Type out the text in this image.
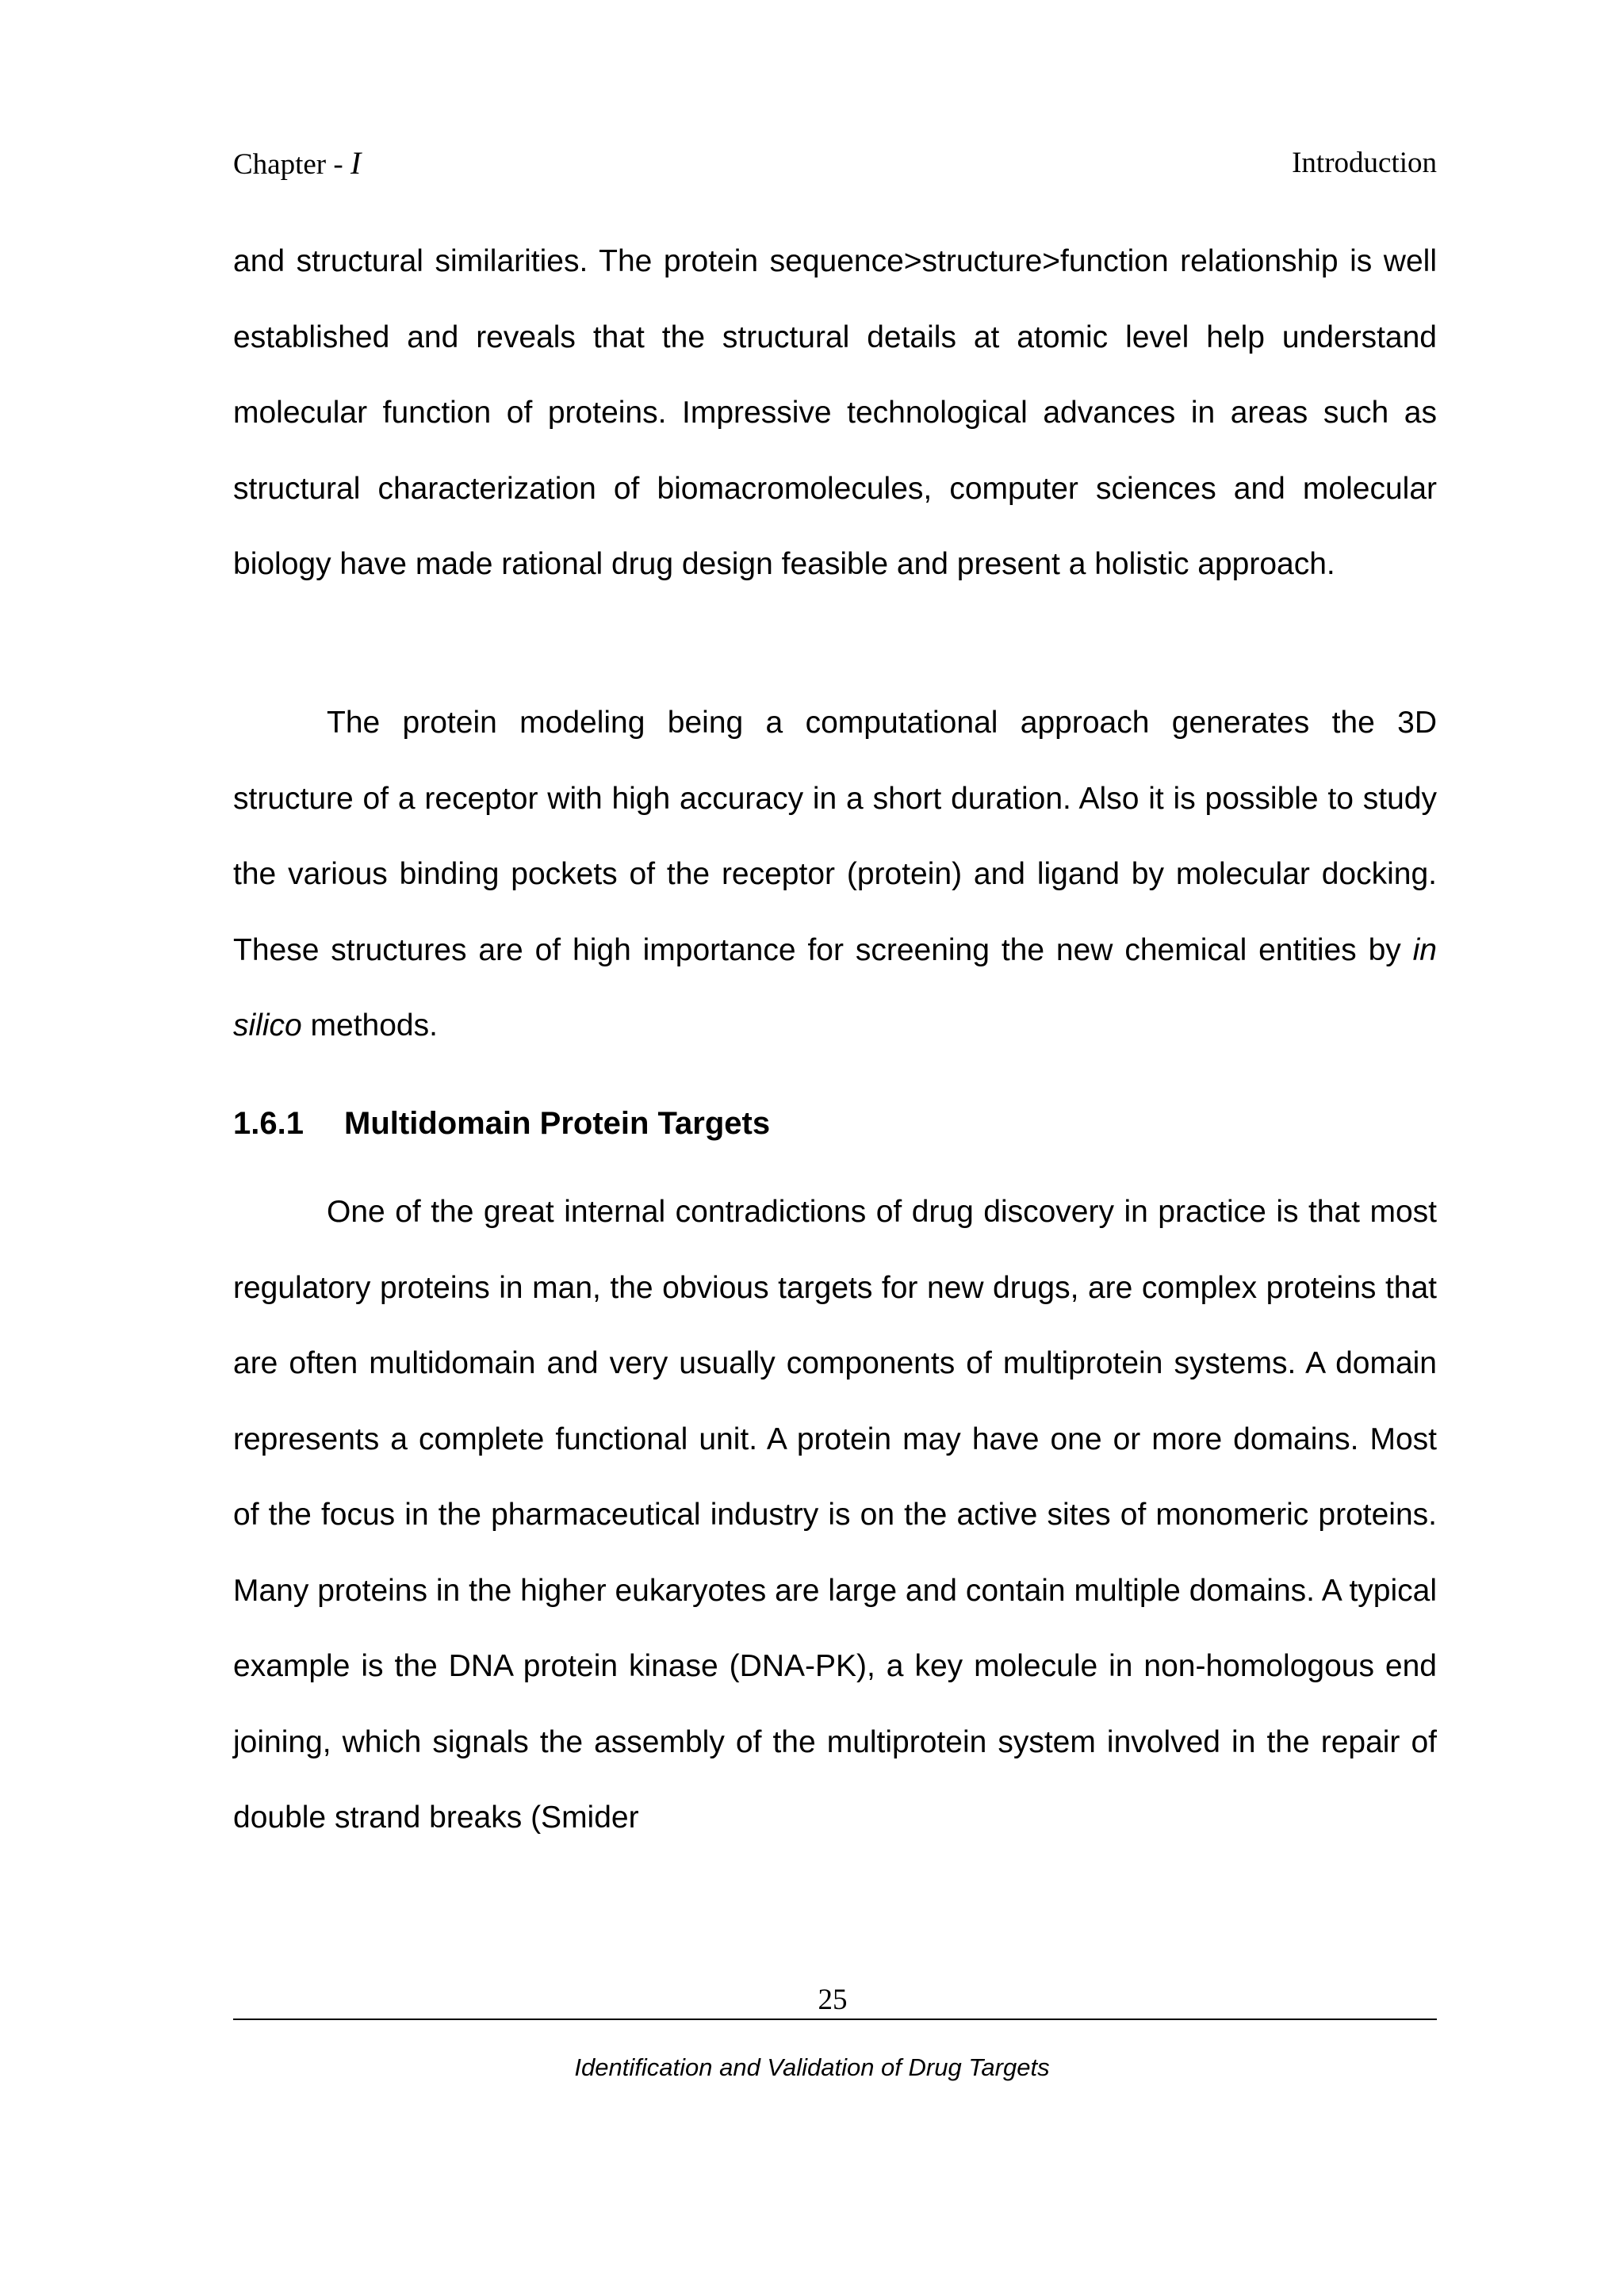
Chapter - I	Introduction

and structural similarities. The protein sequence>structure>function relationship is well established and reveals that the structural details at atomic level help understand molecular function of proteins. Impressive technological advances in areas such as structural characterization of biomacromolecules, computer sciences and molecular biology have made rational drug design feasible and present a holistic approach.

The protein modeling being a computational approach generates the 3D structure of a receptor with high accuracy in a short duration. Also it is possible to study the various binding pockets of the receptor (protein) and ligand by molecular docking. These structures are of high importance for screening the new chemical entities by in silico methods.

1.6.1 Multidomain Protein Targets

One of the great internal contradictions of drug discovery in practice is that most regulatory proteins in man, the obvious targets for new drugs, are complex proteins that are often multidomain and very usually components of multiprotein systems. A domain represents a complete functional unit. A protein may have one or more domains. Most of the focus in the pharmaceutical industry is on the active sites of monomeric proteins. Many proteins in the higher eukaryotes are large and contain multiple domains. A typical example is the DNA protein kinase (DNA-PK), a key molecule in non-homologous end joining, which signals the assembly of the multiprotein system involved in the repair of double strand breaks (Smider

25
Identification and Validation of Drug Targets
